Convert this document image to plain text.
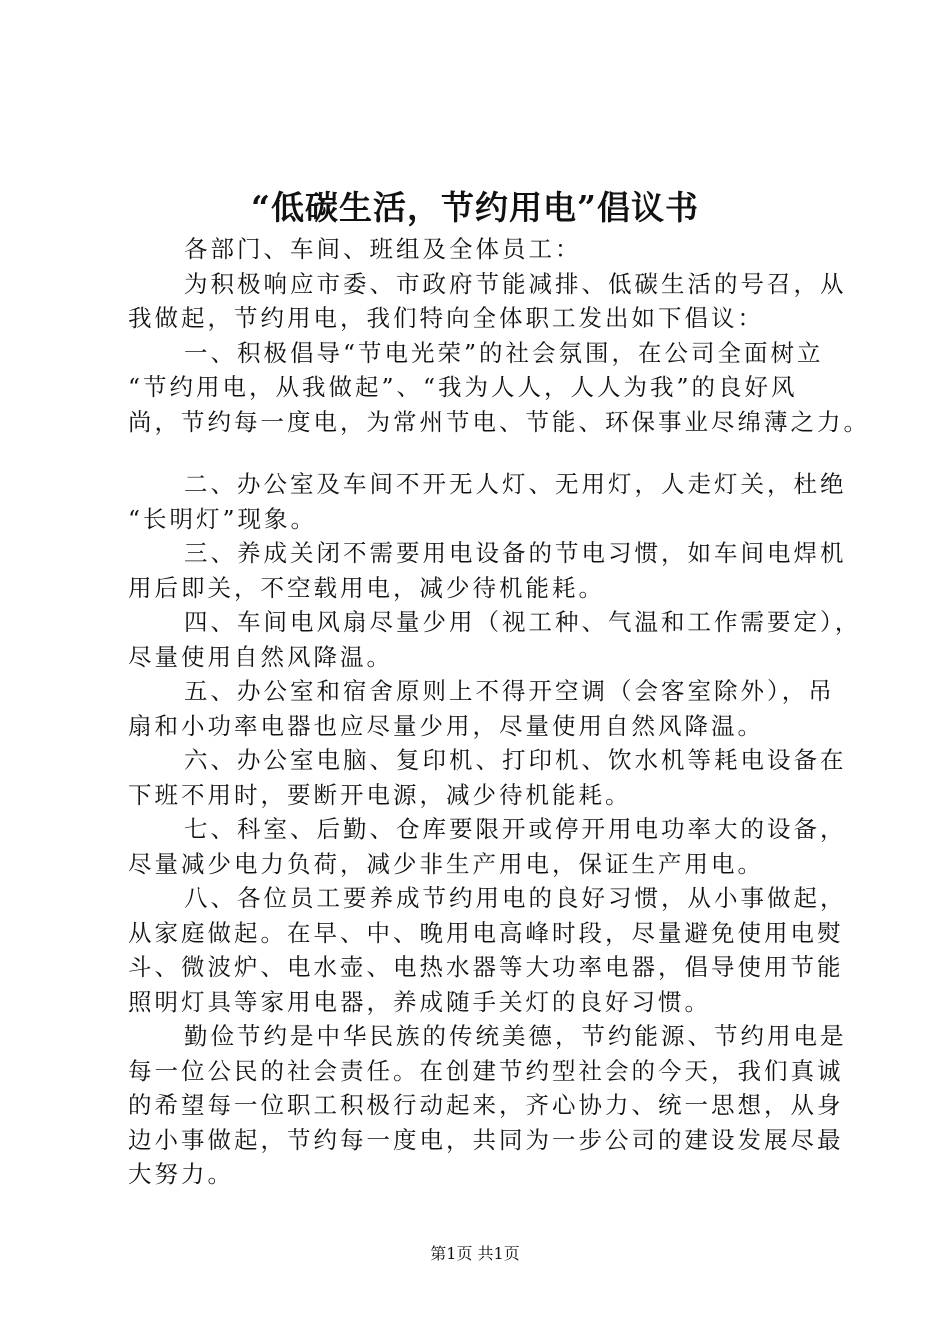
“低碳生活，节约用电”倡议书
各部门、车间、班组及全体员工：
为积极响应市委、市政府节能减排、低碳生活的号召，从
我做起，节约用电，我们特向全体职工发出如下倡议：
一、积极倡导“节电光荣”的社会氛围，在公司全面树立
“节约用电，从我做起”、“我为人人，人人为我”的良好风
尚，节约每一度电，为常州节电、节能、环保事业尽绵薄之力。
二、办公室及车间不开无人灯、无用灯，人走灯关，杜绝
“长明灯”现象。
三、养成关闭不需要用电设备的节电习惯，如车间电焊机
用后即关，不空载用电，减少待机能耗。
四、车间电风扇尽量少用（视工种、气温和工作需要定），
尽量使用自然风降温。
五、办公室和宿舍原则上不得开空调（会客室除外），吊
扇和小功率电器也应尽量少用，尽量使用自然风降温。
六、办公室电脑、复印机、打印机、饮水机等耗电设备在
下班不用时，要断开电源，减少待机能耗。
七、科室、后勤、仓库要限开或停开用电功率大的设备，
尽量减少电力负荷，减少非生产用电，保证生产用电。
八、各位员工要养成节约用电的良好习惯，从小事做起，
从家庭做起。在早、中、晚用电高峰时段，尽量避免使用电熨
斗、微波炉、电水壶、电热水器等大功率电器，倡导使用节能
照明灯具等家用电器，养成随手关灯的良好习惯。
勤俭节约是中华民族的传统美德，节约能源、节约用电是
每一位公民的社会责任。在创建节约型社会的今天，我们真诚
的希望每一位职工积极行动起来，齐心协力、统一思想，从身
边小事做起，节约每一度电，共同为一步公司的建设发展尽最
大努力。
第1页 共1页
